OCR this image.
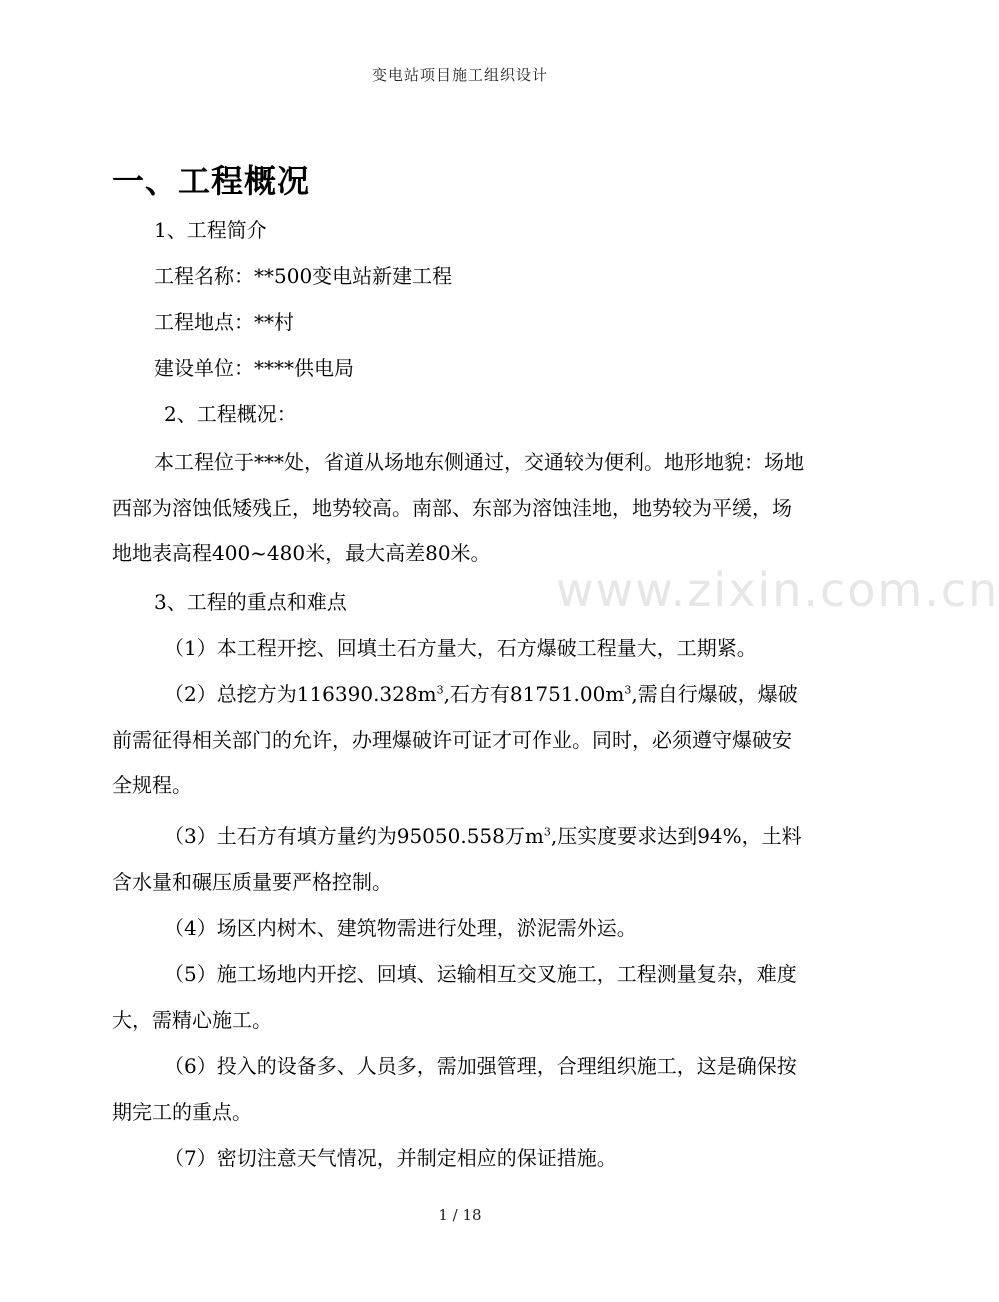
变电站项目施工组织设计
www.zixin.com.cn
一、工程概况
1、工程简介
工程名称：**500变电站新建工程
工程地点：**村
建设单位：****供电局
2、工程概况：
本工程位于***处，省道从场地东侧通过，交通较为便利。地形地貌：场地西部为溶蚀低矮残丘，地势较高。南部、东部为溶蚀洼地，地势较为平缓，场地地表高程400~480米，最大高差80米。
3、工程的重点和难点
（1）本工程开挖、回填土石方量大，石方爆破工程量大，工期紧。
（2）总挖方为$116390.328m^3$,石方有$81751.00m^3$,需自行爆破，爆破前需征得相关部门的允许，办理爆破许可证才可作业。同时，必须遵守爆破安全规程。
（3）土石方有填方量约为95050.558万$m^3$,压实度要求达到94%，土料含水量和碾压质量要严格控制。
（4）场区内树木、建筑物需进行处理，淤泥需外运。
（5）施工场地内开挖、回填、运输相互交叉施工，工程测量复杂，难度大，需精心施工。
（6）投入的设备多、人员多，需加强管理，合理组织施工，这是确保按期完工的重点。
（7）密切注意天气情况，并制定相应的保证措施。
1 / 18
